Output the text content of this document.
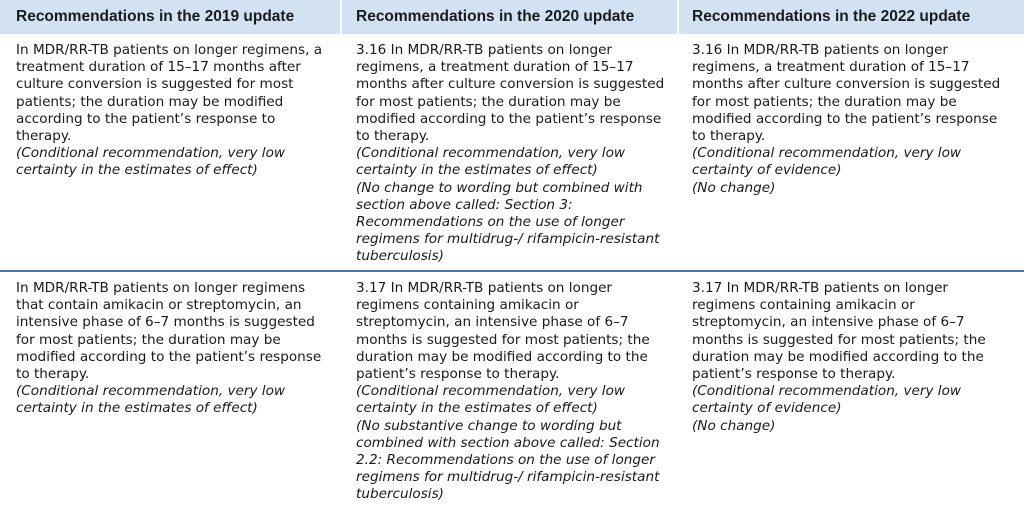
Recommendations in the 2019 update	Recommendations in the 2020 update	Recommendations in the 2022 update

In MDR/RR-TB patients on longer regimens, a treatment duration of 15–17 months after culture conversion is suggested for most patients; the duration may be modified according to the patient’s response to therapy.

(Conditional recommendation, very low certainty in the estimates of effect)

3.16 In MDR/RR-TB patients on longer regimens, a treatment duration of 15–17 months after culture conversion is suggested for most patients; the duration may be modified according to the patient’s response to therapy.

(Conditional recommendation, very low certainty in the estimates of effect)

(No change to wording but combined with section above called: Section 3: Recommendations on the use of longer regimens for multidrug-/ rifampicin-resistant tuberculosis)

3.16 In MDR/RR-TB patients on longer regimens, a treatment duration of 15–17 months after culture conversion is suggested for most patients; the duration may be modified according to the patient’s response to therapy.

(Conditional recommendation, very low certainty of evidence)

(No change)

In MDR/RR-TB patients on longer regimens that contain amikacin or streptomycin, an intensive phase of 6–7 months is suggested for most patients; the duration may be modified according to the patient’s response to therapy.

(Conditional recommendation, very low certainty in the estimates of effect)

3.17 In MDR/RR-TB patients on longer regimens containing amikacin or streptomycin, an intensive phase of 6–7 months is suggested for most patients; the duration may be modified according to the patient’s response to therapy.

(Conditional recommendation, very low certainty in the estimates of effect)

(No substantive change to wording but combined with section above called: Section 2.2: Recommendations on the use of longer regimens for multidrug-/ rifampicin-resistant tuberculosis)

3.17 In MDR/RR-TB patients on longer regimens containing amikacin or streptomycin, an intensive phase of 6–7 months is suggested for most patients; the duration may be modified according to the patient’s response to therapy.

(Conditional recommendation, very low certainty of evidence)

(No change)
